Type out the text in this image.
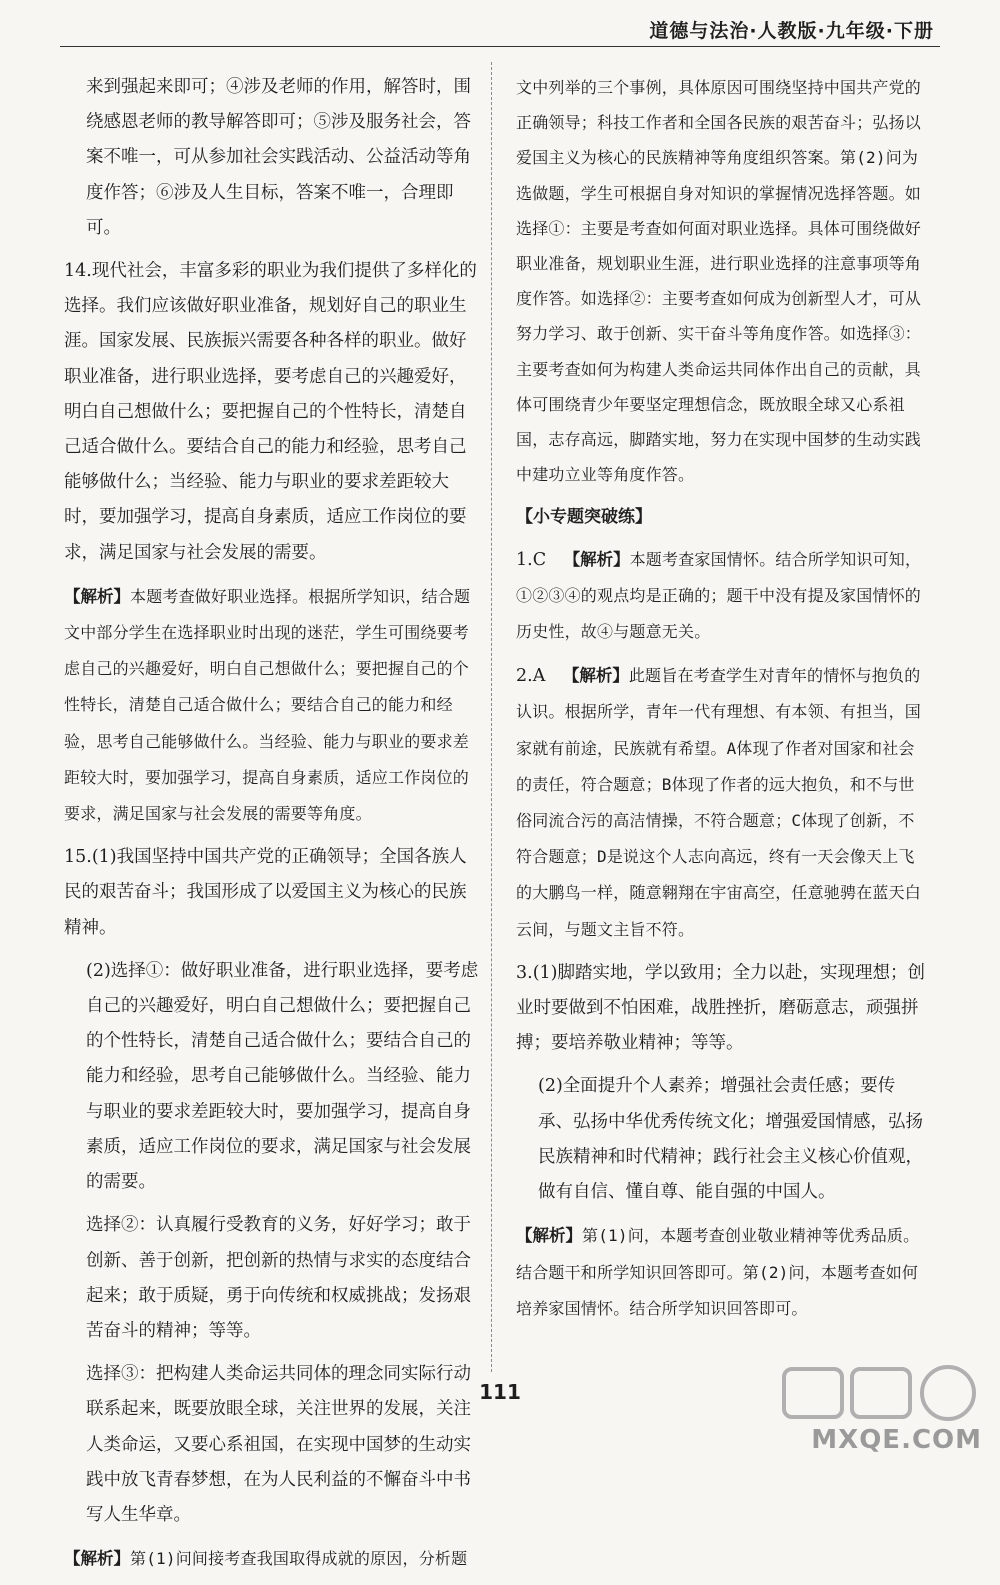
道德与法治·人教版·九年级·下册
来到强起来即可；④涉及老师的作用，解答时，围绕感恩老师的教导解答即可；⑤涉及服务社会，答案不唯一，可从参加社会实践活动、公益活动等角度作答；⑥涉及人生目标，答案不唯一，合理即可。
14.现代社会，丰富多彩的职业为我们提供了多样化的选择。我们应该做好职业准备，规划好自己的职业生涯。国家发展、民族振兴需要各种各样的职业。做好职业准备，进行职业选择，要考虑自己的兴趣爱好，明白自己想做什么；要把握自己的个性特长，清楚自己适合做什么。要结合自己的能力和经验，思考自己能够做什么；当经验、能力与职业的要求差距较大时，要加强学习，提高自身素质，适应工作岗位的要求，满足国家与社会发展的需要。
【解析】本题考查做好职业选择。根据所学知识，结合题文中部分学生在选择职业时出现的迷茫，学生可围绕要考虑自己的兴趣爱好，明白自己想做什么；要把握自己的个性特长，清楚自己适合做什么；要结合自己的能力和经验，思考自己能够做什么。当经验、能力与职业的要求差距较大时，要加强学习，提高自身素质，适应工作岗位的要求，满足国家与社会发展的需要等角度。
15.(1)我国坚持中国共产党的正确领导；全国各族人民的艰苦奋斗；我国形成了以爱国主义为核心的民族精神。
(2)选择①：做好职业准备，进行职业选择，要考虑自己的兴趣爱好，明白自己想做什么；要把握自己的个性特长，清楚自己适合做什么；要结合自己的能力和经验，思考自己能够做什么。当经验、能力与职业的要求差距较大时，要加强学习，提高自身素质，适应工作岗位的要求，满足国家与社会发展的需要。
选择②：认真履行受教育的义务，好好学习；敢于创新、善于创新，把创新的热情与求实的态度结合起来；敢于质疑，勇于向传统和权威挑战；发扬艰苦奋斗的精神；等等。
选择③：把构建人类命运共同体的理念同实际行动联系起来，既要放眼全球，关注世界的发展，关注人类命运，又要心系祖国，在实现中国梦的生动实践中放飞青春梦想，在为人民利益的不懈奋斗中书写人生华章。
【解析】第(1)问间接考查我国取得成就的原因，分析题
文中列举的三个事例，具体原因可围绕坚持中国共产党的正确领导；科技工作者和全国各民族的艰苦奋斗；弘扬以爱国主义为核心的民族精神等角度组织答案。第(2)问为选做题，学生可根据自身对知识的掌握情况选择答题。如选择①：主要是考查如何面对职业选择。具体可围绕做好职业准备，规划职业生涯，进行职业选择的注意事项等角度作答。如选择②：主要考查如何成为创新型人才，可从努力学习、敢于创新、实干奋斗等角度作答。如选择③：主要考查如何为构建人类命运共同体作出自己的贡献，具体可围绕青少年要坚定理想信念，既放眼全球又心系祖国，志存高远，脚踏实地，努力在实现中国梦的生动实践中建功立业等角度作答。
【小专题突破练】
1.C  【解析】本题考查家国情怀。结合所学知识可知，①②③④的观点均是正确的；题干中没有提及家国情怀的历史性，故④与题意无关。
2.A  【解析】此题旨在考查学生对青年的情怀与抱负的认识。根据所学，青年一代有理想、有本领、有担当，国家就有前途，民族就有希望。A体现了作者对国家和社会的责任，符合题意；B体现了作者的远大抱负，和不与世俗同流合污的高洁情操，不符合题意；C体现了创新，不符合题意；D是说这个人志向高远，终有一天会像天上飞的大鹏鸟一样，随意翱翔在宇宙高空，任意驰骋在蓝天白云间，与题文主旨不符。
3.(1)脚踏实地，学以致用；全力以赴，实现理想；创业时要做到不怕困难，战胜挫折，磨砺意志，顽强拼搏；要培养敬业精神；等等。
(2)全面提升个人素养；增强社会责任感；要传承、弘扬中华优秀传统文化；增强爱国情感，弘扬民族精神和时代精神；践行社会主义核心价值观，做有自信、懂自尊、能自强的中国人。
【解析】第(1)问，本题考查创业敬业精神等优秀品质。结合题干和所学知识回答即可。第(2)问，本题考查如何培养家国情怀。结合所学知识回答即可。
111
MXQE.COM
